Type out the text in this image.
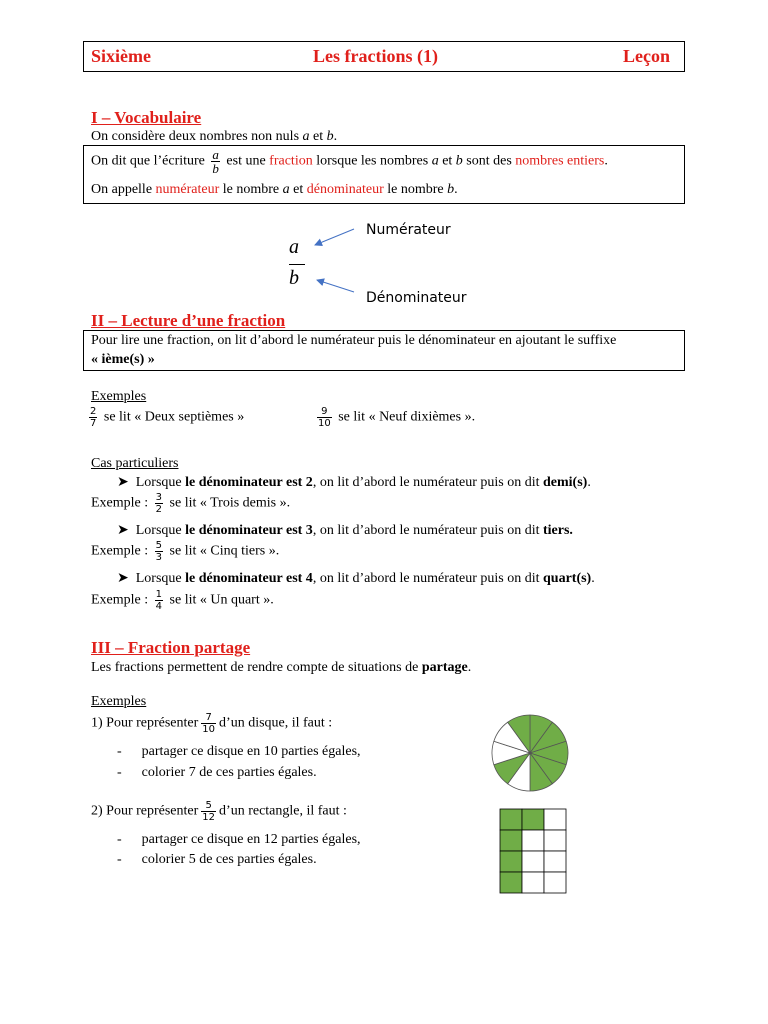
Sixième	Les fractions (1)	Leçon
I – Vocabulaire
On considère deux nombres non nuls a et b.
On dit que l’écriture $\frac{a}{b}$ est une fraction lorsque les nombres a et b sont des nombres entiers.
On appelle numérateur le nombre a et dénominateur le nombre b.
a
b
Numérateur
Dénominateur
II – Lecture d’une fraction
Pour lire une fraction, on lit d’abord le numérateur puis le dénominateur en ajoutant le suffixe
« ième(s) »
Exemples
$\frac{2}{7}$ se lit « Deux septièmes »	$\frac{9}{10}$ se lit « Neuf dixièmes ».
Cas particuliers
➤ Lorsque le dénominateur est 2, on lit d’abord le numérateur puis on dit demi(s).
Exemple : $\frac{3}{2}$ se lit « Trois demis ».
➤ Lorsque le dénominateur est 3, on lit d’abord le numérateur puis on dit tiers.
Exemple : $\frac{5}{3}$ se lit « Cinq tiers ».
➤ Lorsque le dénominateur est 4, on lit d’abord le numérateur puis on dit quart(s).
Exemple : $\frac{1}{4}$ se lit « Un quart ».
III – Fraction partage
Les fractions permettent de rendre compte de situations de partage.
Exemples
1) Pour représenter $\frac{7}{10}$ d’un disque, il faut :
- partager ce disque en 10 parties égales,
- colorier 7 de ces parties égales.
2) Pour représenter $\frac{5}{12}$ d’un rectangle, il faut :
- partager ce disque en 12 parties égales,
- colorier 5 de ces parties égales.
